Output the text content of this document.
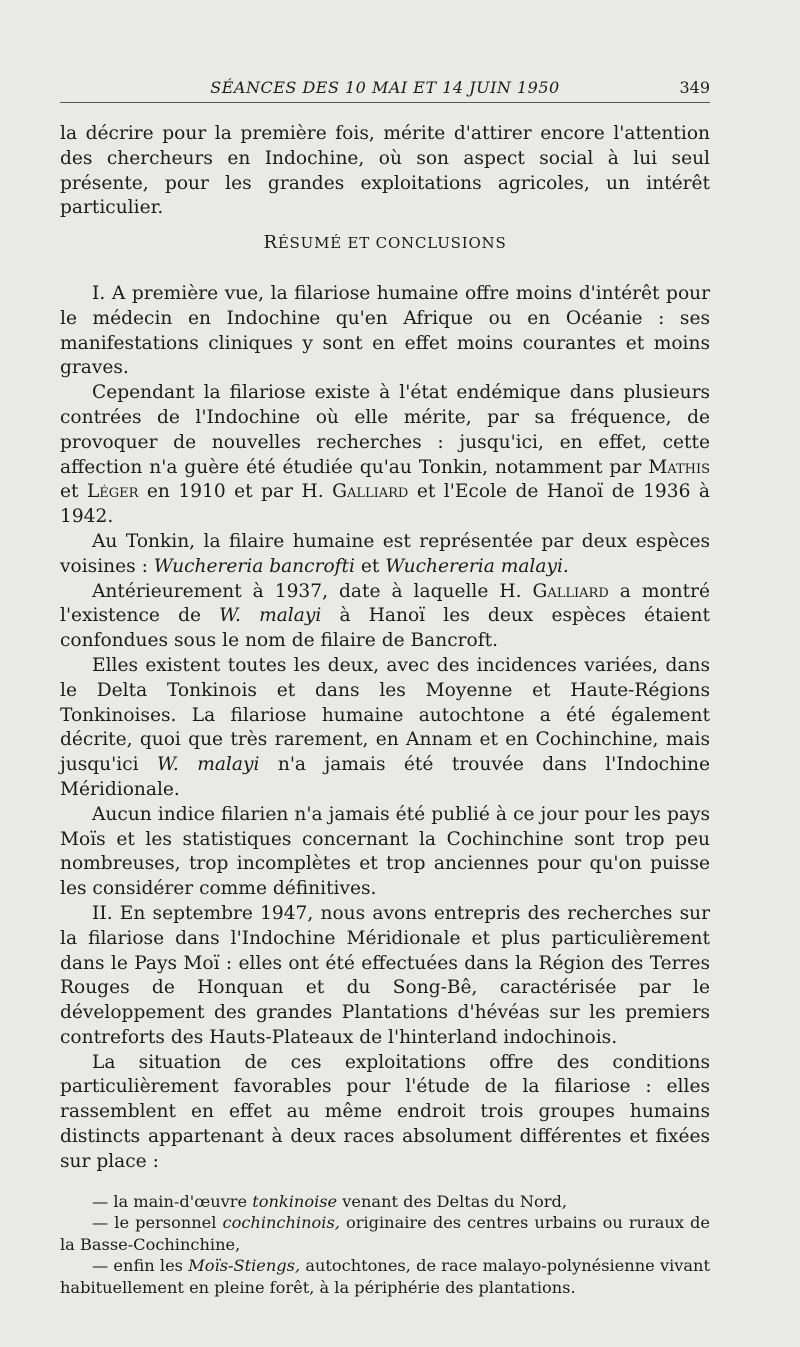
SÉANCES DES 10 MAI ET 14 JUIN 1950	349

la décrire pour la première fois, mérite d'attirer encore l'attention des chercheurs en Indochine, où son aspect social à lui seul présente, pour les grandes exploitations agricoles, un intérêt particulier.

RÉSUMÉ ET CONCLUSIONS

I. A première vue, la filariose humaine offre moins d'intérêt pour le médecin en Indochine qu'en Afrique ou en Océanie : ses manifestations cliniques y sont en effet moins courantes et moins graves.

Cependant la filariose existe à l'état endémique dans plusieurs contrées de l'Indochine où elle mérite, par sa fréquence, de provoquer de nouvelles recherches : jusqu'ici, en effet, cette affection n'a guère été étudiée qu'au Tonkin, notamment par Mathis et Léger en 1910 et par H. Galliard et l'Ecole de Hanoï de 1936 à 1942.

Au Tonkin, la filaire humaine est représentée par deux espèces voisines : Wuchereria bancrofti et Wuchereria malayi.

Antérieurement à 1937, date à laquelle H. Galliard a montré l'existence de W. malayi à Hanoï les deux espèces étaient confondues sous le nom de filaire de Bancroft.

Elles existent toutes les deux, avec des incidences variées, dans le Delta Tonkinois et dans les Moyenne et Haute-Régions Tonkinoises. La filariose humaine autochtone a été également décrite, quoi que très rarement, en Annam et en Cochinchine, mais jusqu'ici W. malayi n'a jamais été trouvée dans l'Indochine Méridionale.

Aucun indice filarien n'a jamais été publié à ce jour pour les pays Moïs et les statistiques concernant la Cochinchine sont trop peu nombreuses, trop incomplètes et trop anciennes pour qu'on puisse les considérer comme définitives.

II. En septembre 1947, nous avons entrepris des recherches sur la filariose dans l'Indochine Méridionale et plus particulièrement dans le Pays Moï : elles ont été effectuées dans la Région des Terres Rouges de Honquan et du Song-Bê, caractérisée par le développement des grandes Plantations d'hévéas sur les premiers contreforts des Hauts-Plateaux de l'hinterland indochinois.

La situation de ces exploitations offre des conditions particulièrement favorables pour l'étude de la filariose : elles rassemblent en effet au même endroit trois groupes humains distincts appartenant à deux races absolument différentes et fixées sur place :

— la main-d'œuvre tonkinoise venant des Deltas du Nord,

— le personnel cochinchinois, originaire des centres urbains ou ruraux de la Basse-Cochinchine,

— enfin les Moïs-Stiengs, autochtones, de race malayo-polynésienne vivant habituellement en pleine forêt, à la périphérie des plantations.
